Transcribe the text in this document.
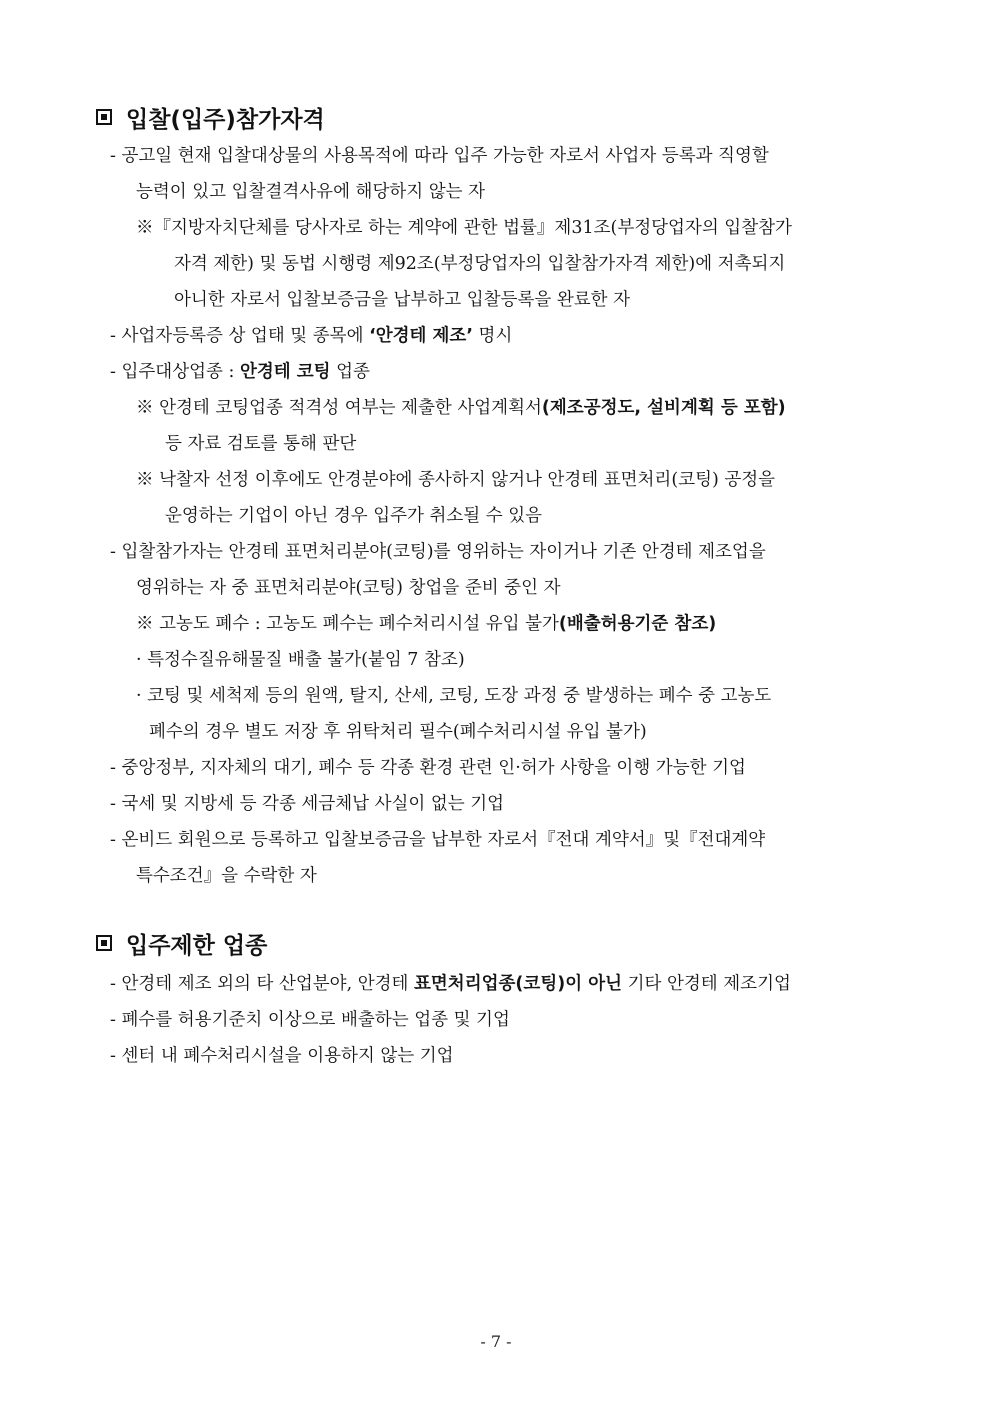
입찰(입주)참가자격
- 공고일 현재 입찰대상물의 사용목적에 따라 입주 가능한 자로서 사업자 등록과 직영할
능력이 있고 입찰결격사유에 해당하지 않는 자
※『지방자치단체를 당사자로 하는 계약에 관한 법률』제31조(부정당업자의 입찰참가
자격 제한) 및 동법 시행령 제92조(부정당업자의 입찰참가자격 제한)에 저촉되지
아니한 자로서 입찰보증금을 납부하고 입찰등록을 완료한 자
- 사업자등록증 상 업태 및 종목에 ‘안경테 제조’ 명시
- 입주대상업종 : 안경테 코팅 업종
※ 안경테 코팅업종 적격성 여부는 제출한 사업계획서(제조공정도, 설비계획 등 포함)
등 자료 검토를 통해 판단
※ 낙찰자 선정 이후에도 안경분야에 종사하지 않거나 안경테 표면처리(코팅) 공정을
운영하는 기업이 아닌 경우 입주가 취소될 수 있음
- 입찰참가자는 안경테 표면처리분야(코팅)를 영위하는 자이거나 기존 안경테 제조업을
영위하는 자 중 표면처리분야(코팅) 창업을 준비 중인 자
※ 고농도 폐수 : 고농도 폐수는 폐수처리시설 유입 불가(배출허용기준 참조)
· 특정수질유해물질 배출 불가(붙임 7 참조)
· 코팅 및 세척제 등의 원액, 탈지, 산세, 코팅, 도장 과정 중 발생하는 폐수 중 고농도
폐수의 경우 별도 저장 후 위탁처리 필수(폐수처리시설 유입 불가)
- 중앙정부, 지자체의 대기, 폐수 등 각종 환경 관련 인·허가 사항을 이행 가능한 기업
- 국세 및 지방세 등 각종 세금체납 사실이 없는 기업
- 온비드 회원으로 등록하고 입찰보증금을 납부한 자로서『전대 계약서』및『전대계약
특수조건』을 수락한 자
입주제한 업종
- 안경테 제조 외의 타 산업분야, 안경테 표면처리업종(코팅)이 아닌 기타 안경테 제조기업
- 폐수를 허용기준치 이상으로 배출하는 업종 및 기업
- 센터 내 폐수처리시설을 이용하지 않는 기업
- 7 -
